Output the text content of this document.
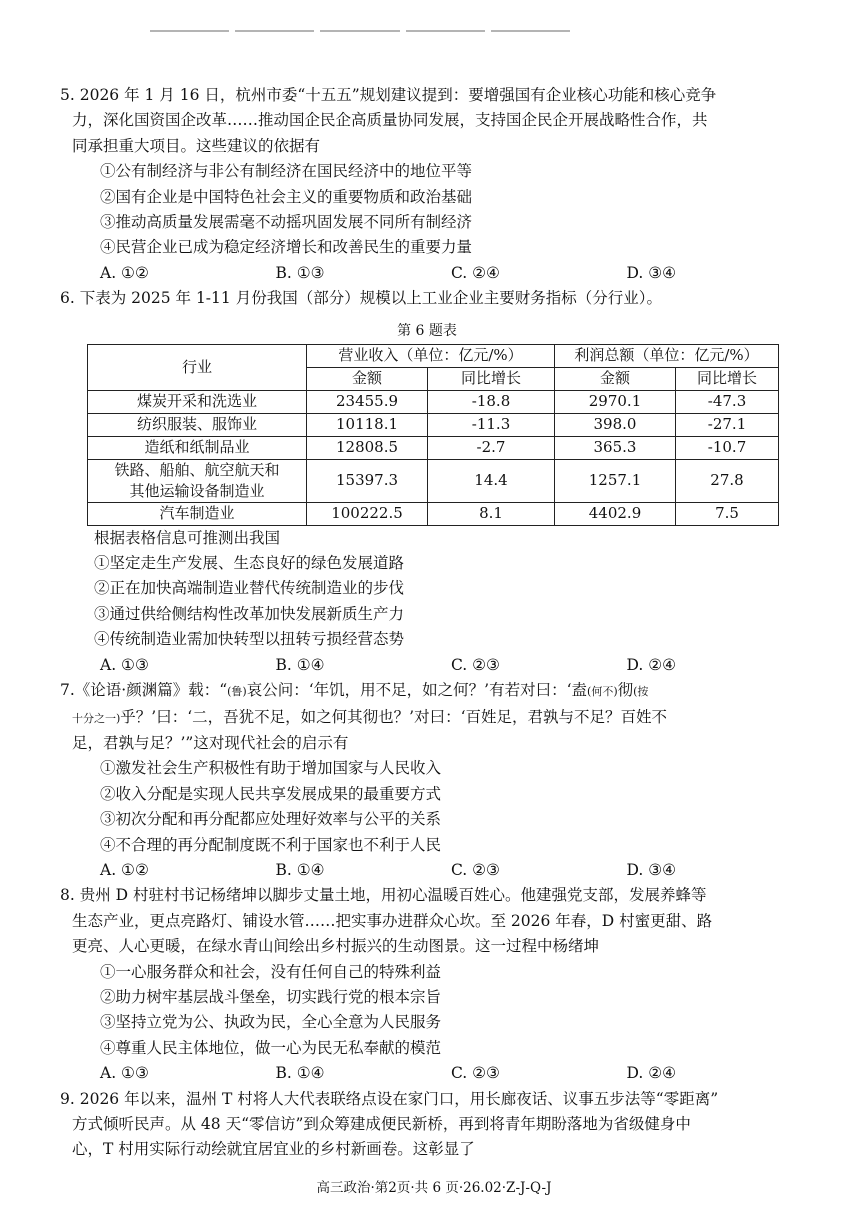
5. 2026 年 1 月 16 日，杭州市委“十五五”规划建议提到：要增强国有企业核心功能和核心竞争
力，深化国资国企改革……推动国企民企高质量协同发展，支持国企民企开展战略性合作，共
同承担重大项目。这些建议的依据有
①公有制经济与非公有制经济在国民经济中的地位平等
②国有企业是中国特色社会主义的重要物质和政治基础
③推动高质量发展需毫不动摇巩固发展不同所有制经济
④民营企业已成为稳定经济增长和改善民生的重要力量
A. ①②	B. ①③	C. ②④	D. ③④
6. 下表为 2025 年 1-11 月份我国（部分）规模以上工业企业主要财务指标（分行业）。
第 6 题表
行业	营业收入（单位：亿元/%）		利润总额（单位：亿元/%）	
	金额	同比增长	金额	同比增长
煤炭开采和洗选业	23455.9	-18.8	2970.1	-47.3
纺织服装、服饰业	10118.1	-11.3	398.0	-27.1
造纸和纸制品业	12808.5	-2.7	365.3	-10.7

铁路、船舶、航空航天和
其他运输设备制造业	15397.3	14.4	1257.1	27.8
汽车制造业	100222.5	8.1	4402.9	7.5
根据表格信息可推测出我国
①坚定走生产发展、生态良好的绿色发展道路
②正在加快高端制造业替代传统制造业的步伐
③通过供给侧结构性改革加快发展新质生产力
④传统制造业需加快转型以扭转亏损经营态势
A. ①③	B. ①④	C. ②③	D. ②④
7.《论语·颜渊篇》载：“(鲁)哀公问：‘年饥，用不足，如之何？’有若对曰：‘盍(何不)彻(按
十分之一)乎？’曰：‘二，吾犹不足，如之何其彻也？’对曰：‘百姓足，君孰与不足？百姓不
足，君孰与足？’”这对现代社会的启示有
①激发社会生产积极性有助于增加国家与人民收入
②收入分配是实现人民共享发展成果的最重要方式
③初次分配和再分配都应处理好效率与公平的关系
④不合理的再分配制度既不利于国家也不利于人民
A. ①②	B. ①④	C. ②③	D. ③④
8. 贵州 D 村驻村书记杨绪坤以脚步丈量土地，用初心温暖百姓心。他建强党支部，发展养蜂等
生态产业，更点亮路灯、铺设水管……把实事办进群众心坎。至 2026 年春，D 村蜜更甜、路
更亮、人心更暖，在绿水青山间绘出乡村振兴的生动图景。这一过程中杨绪坤
①一心服务群众和社会，没有任何自己的特殊利益
②助力树牢基层战斗堡垒，切实践行党的根本宗旨
③坚持立党为公、执政为民，全心全意为人民服务
④尊重人民主体地位，做一心为民无私奉献的模范
A. ①③	B. ①④	C. ②③	D. ②④
9. 2026 年以来，温州 T 村将人大代表联络点设在家门口，用长廊夜话、议事五步法等“零距离”
方式倾听民声。从 48 天“零信访”到众筹建成便民新桥，再到将青年期盼落地为省级健身中
心，T 村用实际行动绘就宜居宜业的乡村新画卷。这彰显了
高三政治·第2页·共 6 页·26.02·Z-J-Q-J
